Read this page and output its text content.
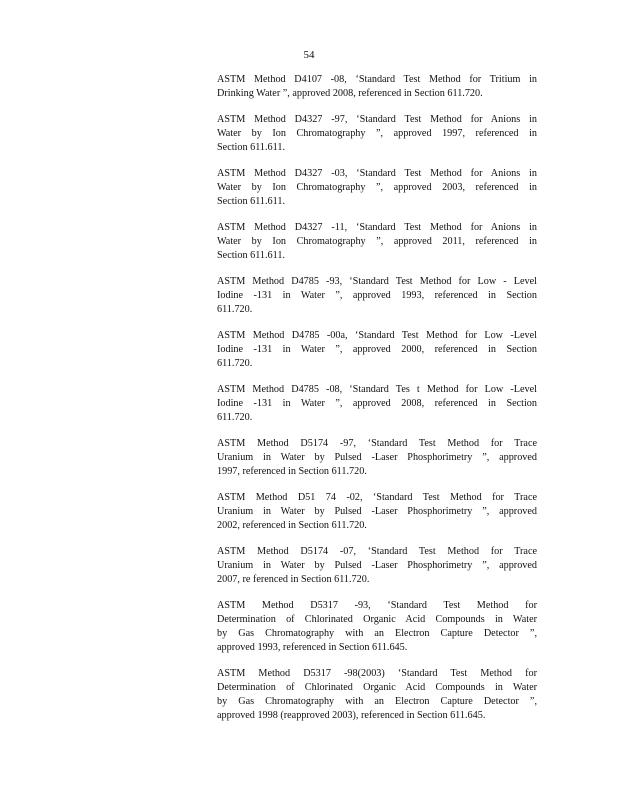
54
ASTM Method D4107 -08, ‘Standard Test Method for Tritium in
Drinking Water ”, approved 2008, referenced in Section 611.720.
ASTM Method D4327 -97, ‘Standard Test Method for Anions in
Water by Ion Chromatography ”, approved 1997, referenced in
Section 611.611.
ASTM Method D4327 -03, ‘Standard Test Method for Anions in
Water by Ion Chromatography ”, approved 2003, referenced in
Section 611.611.
ASTM Method D4327 -11, ‘Standard Test Method for Anions in
Water by Ion Chromatography ”, approved 2011, referenced in
Section 611.611.
ASTM Method D4785 -93, ‘Standard Test Method for Low - Level
Iodine -131 in Water ”, approved 1993, referenced in Section
611.720.
ASTM Method D4785 -00a, ‘Standard Test Method for Low -Level
Iodine -131 in Water ”, approved 2000, referenced in Section
611.720.
ASTM Method D4785 -08, ‘Standard Tes t Method for Low -Level
Iodine -131 in Water ”, approved 2008, referenced in Section
611.720.
ASTM Method D5174 -97, ‘Standard Test Method for Trace
Uranium in Water by Pulsed -Laser Phosphorimetry ”, approved
1997, referenced in Section 611.720.
ASTM Method D51 74 -02, ‘Standard Test Method for Trace
Uranium in Water by Pulsed -Laser Phosphorimetry ”, approved
2002, referenced in Section 611.720.
ASTM Method D5174 -07, ‘Standard Test Method for Trace
Uranium in Water by Pulsed -Laser Phosphorimetry ”, approved
2007, re ferenced in Section 611.720.
ASTM Method D5317 -93, ‘Standard Test Method for
Determination of Chlorinated Organic Acid Compounds in Water
by Gas Chromatography with an Electron Capture Detector ”,
approved 1993, referenced in Section 611.645.
ASTM Method D5317 -98(2003) ‘Standard Test Method for
Determination of Chlorinated Organic Acid Compounds in Water
by Gas Chromatography with an Electron Capture Detector ”,
approved 1998 (reapproved 2003), referenced in Section 611.645.
